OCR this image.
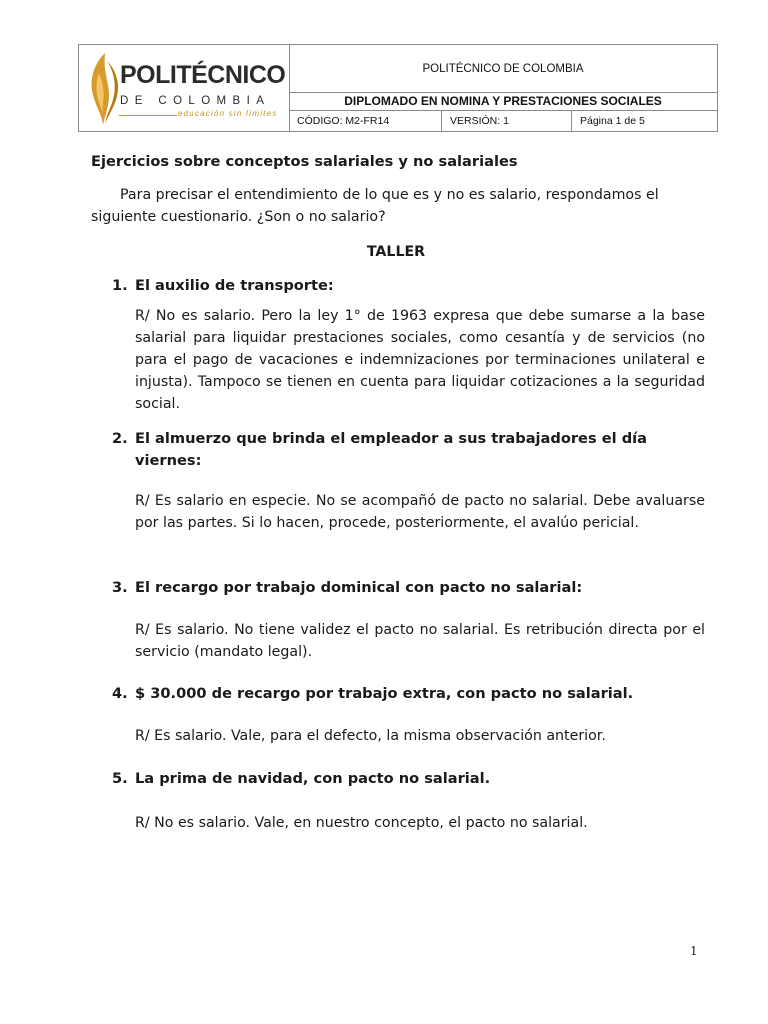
POLITÉCNICO
DE COLOMBIA
educación sin límites
POLITÉCNICO DE COLOMBIA
DIPLOMADO EN NOMINA Y PRESTACIONES SOCIALES
CÓDIGO: M2-FR14	VERSIÓN: 1	Página 1 de 5
Ejercicios sobre conceptos salariales y no salariales
Para precisar el entendimiento de lo que es y no es salario, respondamos el
siguiente cuestionario. ¿Son o no salario?
TALLER
1. El auxilio de transporte:
R/ No es salario. Pero la ley 1° de 1963 expresa que debe sumarse a la base salarial para liquidar prestaciones sociales, como cesantía y de servicios (no para el pago de vacaciones e indemnizaciones por terminaciones unilateral e injusta). Tampoco se tienen en cuenta para liquidar cotizaciones a la seguridad social.
2. El almuerzo que brinda el empleador a sus trabajadores el día viernes:
R/ Es salario en especie. No se acompañó de pacto no salarial. Debe avaluarse por las partes. Si lo hacen, procede, posteriormente, el avalúo pericial.
3. El recargo por trabajo dominical con pacto no salarial:
R/ Es salario. No tiene validez el pacto no salarial. Es retribución directa por el servicio (mandato legal).
4. $ 30.000 de recargo por trabajo extra, con pacto no salarial.
R/ Es salario. Vale, para el defecto, la misma observación anterior.
5. La prima de navidad, con pacto no salarial.
R/ No es salario. Vale, en nuestro concepto, el pacto no salarial.
1
